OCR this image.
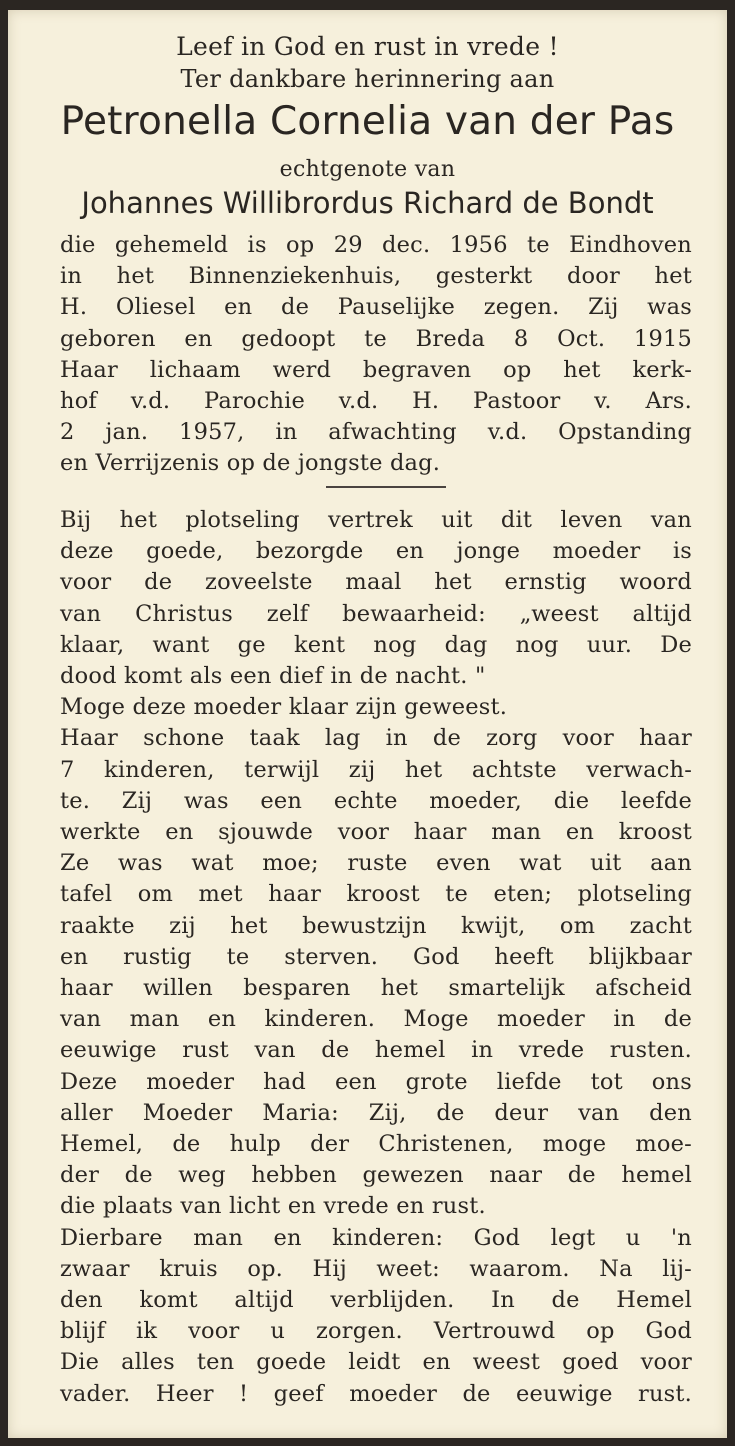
Leef in God en rust in vrede !
Ter dankbare herinnering aan
Petronella Cornelia van der Pas
echtgenote van
Johannes Willibrordus Richard de Bondt
die gehemeld is op 29 dec. 1956 te Eindhoven
in het Binnenziekenhuis, gesterkt door het
H. Oliesel en de Pauselijke zegen. Zij was
geboren en gedoopt te Breda 8 Oct. 1915
Haar lichaam werd begraven op het kerk-
hof v.d. Parochie v.d. H. Pastoor v. Ars.
2 jan. 1957, in afwachting v.d. Opstanding
en Verrijzenis op de jongste dag.
Bij het plotseling vertrek uit dit leven van
deze goede, bezorgde en jonge moeder is
voor de zoveelste maal het ernstig woord
van Christus zelf bewaarheid: „weest altijd
klaar, want ge kent nog dag nog uur. De
dood komt als een dief in de nacht. "
Moge deze moeder klaar zijn geweest.
Haar schone taak lag in de zorg voor haar
7 kinderen, terwijl zij het achtste verwach-
te. Zij was een echte moeder, die leefde
werkte en sjouwde voor haar man en kroost
Ze was wat moe; ruste even wat uit aan
tafel om met haar kroost te eten; plotseling
raakte zij het bewustzijn kwijt, om zacht
en rustig te sterven. God heeft blijkbaar
haar willen besparen het smartelijk afscheid
van man en kinderen. Moge moeder in de
eeuwige rust van de hemel in vrede rusten.
Deze moeder had een grote liefde tot ons
aller Moeder Maria: Zij, de deur van den
Hemel, de hulp der Christenen, moge moe-
der de weg hebben gewezen naar de hemel
die plaats van licht en vrede en rust.
Dierbare man en kinderen: God legt u 'n
zwaar kruis op. Hij weet: waarom. Na lij-
den komt altijd verblijden. In de Hemel
blijf ik voor u zorgen. Vertrouwd op God
Die alles ten goede leidt en weest goed voor
vader. Heer ! geef moeder de eeuwige rust.
